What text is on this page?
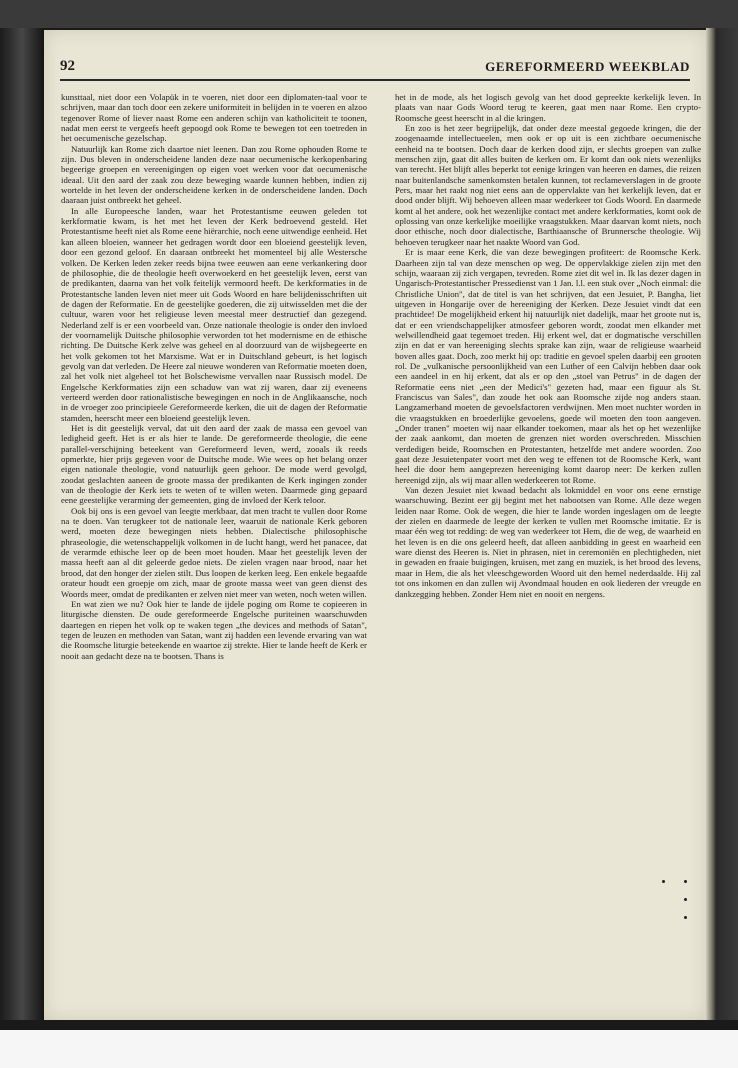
92	GEREFORMEERD WEEKBLAD

kunsttaal, niet door een Volapük in te voeren, niet door een diplomaten-taal voor te schrijven, maar dan toch door een zekere uniformiteit in belijden in te voeren en alzoo tegenover Rome of liever naast Rome een anderen schijn van katholiciteit te toonen, nadat men eerst te vergeefs heeft gepoogd ook Rome te bewegen tot een toetreden in het oecumenische gezelschap.

Natuurlijk kan Rome zich daartoe niet leenen. Dan zou Rome ophouden Rome te zijn. Dus bleven in onderscheidene landen deze naar oecumenische kerkopenbaring begeerige groepen en vereenigingen op eigen voet werken voor dat oecumenische ideaal. Uit den aard der zaak zou deze beweging waarde kunnen hebben, indien zij wortelde in het leven der onderscheidene kerken in de onderscheidene landen. Doch daaraan juist ontbreekt het geheel.

In alle Europeesche landen, waar het Protestantisme eeuwen geleden tot kerkformatie kwam, is het met het leven der Kerk bedroevend gesteld. Het Protestantisme heeft niet als Rome eene hiërarchie, noch eene uitwendige eenheid. Het kan alleen bloeien, wanneer het gedragen wordt door een bloeiend geestelijk leven, door een gezond geloof. En daaraan ontbreekt het momenteel bij alle Westersche volken. De Kerken leden zeker reeds bijna twee eeuwen aan eene verkankering door de philosophie, die de theologie heeft overwoekerd en het geestelijk leven, eerst van de predikanten, daarna van het volk feitelijk vermoord heeft. De kerkformaties in de Protestantsche landen leven niet meer uit Gods Woord en hare belijdenisschriften uit de dagen der Reformatie. En de geestelijke goederen, die zij uitwisselden met die der cultuur, waren voor het religieuse leven meestal meer destructief dan gezegend. Nederland zelf is er een voorbeeld van. Onze nationale theologie is onder den invloed der voornamelijk Duitsche philosophie verworden tot het modernisme en de ethische richting. De Duitsche Kerk zelve was geheel en al doorzuurd van de wijsbegeerte en het volk gekomen tot het Marxisme. Wat er in Duitschland gebeurt, is het logisch gevolg van dat verleden. De Heere zal nieuwe wonderen van Reformatie moeten doen, zal het volk niet algeheel tot het Bolschewisme vervallen naar Russisch model. De Engelsche Kerkformaties zijn een schaduw van wat zij waren, daar zij eveneens verteerd werden door rationalistische bewegingen en noch in de Anglikaansche, noch in de vroeger zoo principieele Gereformeerde kerken, die uit de dagen der Reformatie stamden, heerscht meer een bloeiend geestelijk leven.

Het is dit geestelijk verval, dat uit den aard der zaak de massa een gevoel van ledigheid geeft. Het is er als hier te lande. De gereformeerde theologie, die eene parallel-verschijning beteekent van Gereformeerd leven, werd, zooals ik reeds opmerkte, hier prijs gegeven voor de Duitsche mode. Wie wees op het belang onzer eigen nationale theologie, vond natuurlijk geen gehoor. De mode werd gevolgd, zoodat geslachten aaneen de groote massa der predikanten de Kerk ingingen zonder van de theologie der Kerk iets te weten of te willen weten. Daarmede ging gepaard eene geestelijke verarming der gemeenten, ging de invloed der Kerk teloor.

Ook bij ons is een gevoel van leegte merkbaar, dat men tracht te vullen door Rome na te doen. Van terugkeer tot de nationale leer, waaruit de nationale Kerk geboren werd, moeten deze bewegingen niets hebben. Dialectische philosophische phraseologie, die wetenschappelijk volkomen in de lucht hangt, werd het panacee, dat de verarmde ethische leer op de been moet houden. Maar het geestelijk leven der massa heeft aan al dit geleerde gedoe niets. De zielen vragen naar brood, naar het brood, dat den honger der zielen stilt. Dus loopen de kerken leeg. Een enkele begaafde orateur houdt een groepje om zich, maar de groote massa weet van geen dienst des Woords meer, omdat de predikanten er zelven niet meer van weten, noch weten willen.

En wat zien we nu? Ook hier te lande de ijdele poging om Rome te copieeren in liturgische diensten. De oude gereformeerde Engelsche puriteinen waarschuwden daartegen en riepen het volk op te waken tegen „the devices and methods of Satan", tegen de leuzen en methoden van Satan, want zij hadden een levende ervaring van wat die Roomsche liturgie beteekende en waartoe zij strekte. Hier te lande heeft de Kerk er nooit aan gedacht deze na te bootsen. Thans is

het in de mode, als het logisch gevolg van het dood gepreekte kerkelijk leven. In plaats van naar Gods Woord terug te keeren, gaat men naar Rome. Een crypto-Roomsche geest heerscht in al die kringen.

En zoo is het zeer begrijpelijk, dat onder deze meestal gegoede kringen, die der zoogenaamde intellectueelen, men ook er op uit is een zichtbare oecumenische eenheid na te bootsen. Doch daar de kerken dood zijn, er slechts groepen van zulke menschen zijn, gaat dit alles buiten de kerken om. Er komt dan ook niets wezenlijks van terecht. Het blijft alles beperkt tot eenige kringen van heeren en dames, die reizen naar buitenlandsche samenkomsten betalen kunnen, tot reclameverslagen in de groote Pers, maar het raakt nog niet eens aan de oppervlakte van het kerkelijk leven, dat er dood onder blijft. Wij behoeven alleen maar wederkeer tot Gods Woord. En daarmede komt al het andere, ook het wezenlijke contact met andere kerkformaties, komt ook de oplossing van onze kerkelijke moeilijke vraagstukken. Maar daarvan komt niets, noch door ethische, noch door dialectische, Barthiaansche of Brunnersche theologie. Wij behoeven terugkeer naar het naakte Woord van God.

Er is maar eene Kerk, die van deze bewegingen profiteert: de Roomsche Kerk. Daarheen zijn tal van deze menschen op weg. De oppervlakkige zielen zijn met den schijn, waaraan zij zich vergapen, tevreden. Rome ziet dit wel in. Ik las dezer dagen in Ungarisch-Protestantischer Pressedienst van 1 Jan. l.l. een stuk over „Noch einmal: die Christliche Union", dat de titel is van het schrijven, dat een Jesuiet, P. Bangha, liet uitgeven in Hongarije over de hereeniging der Kerken. Deze Jesuiet vindt dat een prachtidee! De mogelijkheid erkent hij natuurlijk niet dadelijk, maar het groote nut is, dat er een vriendschappelijker atmosfeer geboren wordt, zoodat men elkander met welwillendheid gaat tegemoet treden. Hij erkent wel, dat er dogmatische verschillen zijn en dat er van hereeniging slechts sprake kan zijn, waar de religieuse waarheid boven alles gaat. Doch, zoo merkt hij op: traditie en gevoel spelen daarbij een grooten rol. De „vulkanische persoonlijkheid van een Luther of een Calvijn hebben daar ook een aandeel in en hij erkent, dat als er op den „stoel van Petrus" in de dagen der Reformatie eens niet „een der Medici's" gezeten had, maar een figuur als St. Franciscus van Sales", dan zoude het ook aan Roomsche zijde nog anders staan. Langzamerhand moeten de gevoelsfactoren verdwijnen. Men moet nuchter worden in die vraagstukken en broederlijke gevoelens, goede wil moeten den toon aangeven. „Onder tranen" moeten wij naar elkander toekomen, maar als het op het wezenlijke der zaak aankomt, dan moeten de grenzen niet worden overschreden. Misschien verdedigen beide, Roomschen en Protestanten, hetzelfde met andere woorden. Zoo gaat deze Jesuietenpater voort met den weg te effenen tot de Roomsche Kerk, want heel die door hem aangeprezen hereeniging komt daarop neer: De kerken zullen hereenigd zijn, als wij maar allen wederkeeren tot Rome.

Van dezen Jesuiet niet kwaad bedacht als lokmiddel en voor ons eene ernstige waarschuwing. Bezint eer gij begint met het nabootsen van Rome. Alle deze wegen leiden naar Rome. Ook de wegen, die hier te lande worden ingeslagen om de leegte der zielen en daarmede de leegte der kerken te vullen met Roomsche imitatie. Er is maar één weg tot redding: de weg van wederkeer tot Hem, die de weg, de waarheid en het leven is en die ons geleerd heeft, dat alleen aanbidding in geest en waarheid een ware dienst des Heeren is. Niet in phrasen, niet in ceremoniën en plechtigheden, niet in gewaden en fraaie buigingen, kruisen, met zang en muziek, is het brood des levens, maar in Hem, die als het vleeschgeworden Woord uit den hemel nederdaalde. Hij zal tot ons inkomen en dan zullen wij Avondmaal houden en ook liederen der vreugde en dankzegging hebben. Zonder Hem niet en nooit en nergens.
